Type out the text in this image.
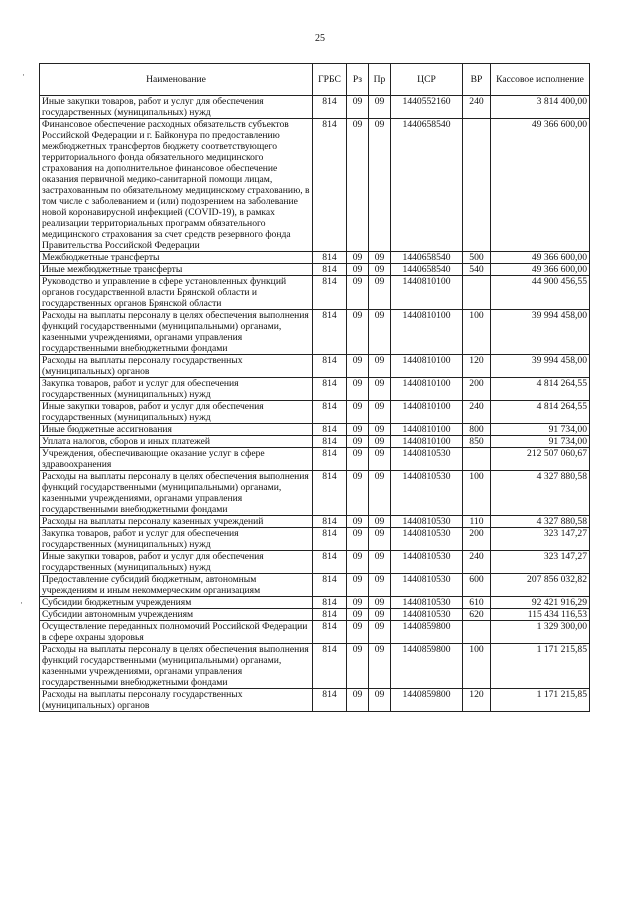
25
·
·
Наименование	ГРБС	Рз	Пр	ЦСР	ВР	Кассовое исполнение
Иные закупки товаров, работ и услуг для обеспечения государственных (муниципальных) нужд	814	09	09	1440552160	240	3 814 400,00
Финансовое обеспечение расходных обязательств субъектов Российской Федерации и г. Байконура по предоставлению межбюджетных трансфертов бюджету соответствующего территориального фонда обязательного медицинского страхования на дополнительное финансовое обеспечение оказания первичной медико-санитарной помощи лицам, застрахованным по обязательному медицинскому страхованию, в том числе с заболеванием и (или) подозрением на заболевание новой коронавирусной инфекцией (COVID-19), в рамках реализации территориальных программ обязательного медицинского страхования за счет средств резервного фонда Правительства Российской Федерации	814	09	09	1440658540		49 366 600,00
Межбюджетные трансферты	814	09	09	1440658540	500	49 366 600,00
Иные межбюджетные трансферты	814	09	09	1440658540	540	49 366 600,00
Руководство и управление в сфере установленных функций органов государственной власти Брянской области и государственных органов Брянской области	814	09	09	1440810100		44 900 456,55
Расходы на выплаты персоналу в целях обеспечения выполнения функций государственными (муниципальными) органами, казенными учреждениями, органами управления государственными внебюджетными фондами	814	09	09	1440810100	100	39 994 458,00
Расходы на выплаты персоналу государственных (муниципальных) органов	814	09	09	1440810100	120	39 994 458,00
Закупка товаров, работ и услуг для обеспечения государственных (муниципальных) нужд	814	09	09	1440810100	200	4 814 264,55
Иные закупки товаров, работ и услуг для обеспечения государственных (муниципальных) нужд	814	09	09	1440810100	240	4 814 264,55
Иные бюджетные ассигнования	814	09	09	1440810100	800	91 734,00
Уплата налогов, сборов и иных платежей	814	09	09	1440810100	850	91 734,00
Учреждения, обеспечивающие оказание услуг в сфере здравоохранения	814	09	09	1440810530		212 507 060,67
Расходы на выплаты персоналу в целях обеспечения выполнения функций государственными (муниципальными) органами, казенными учреждениями, органами управления государственными внебюджетными фондами	814	09	09	1440810530	100	4 327 880,58
Расходы на выплаты персоналу казенных учреждений	814	09	09	1440810530	110	4 327 880,58
Закупка товаров, работ и услуг для обеспечения государственных (муниципальных) нужд	814	09	09	1440810530	200	323 147,27
Иные закупки товаров, работ и услуг для обеспечения государственных (муниципальных) нужд	814	09	09	1440810530	240	323 147,27
Предоставление субсидий бюджетным, автономным учреждениям и иным некоммерческим организациям	814	09	09	1440810530	600	207 856 032,82
Субсидии бюджетным учреждениям	814	09	09	1440810530	610	92 421 916,29
Субсидии автономным учреждениям	814	09	09	1440810530	620	115 434 116,53
Осуществление переданных полномочий Российской Федерации в сфере охраны здоровья	814	09	09	1440859800		1 329 300,00
Расходы на выплаты персоналу в целях обеспечения выполнения функций государственными (муниципальными) органами, казенными учреждениями, органами управления государственными внебюджетными фондами	814	09	09	1440859800	100	1 171 215,85
Расходы на выплаты персоналу государственных (муниципальных) органов	814	09	09	1440859800	120	1 171 215,85
